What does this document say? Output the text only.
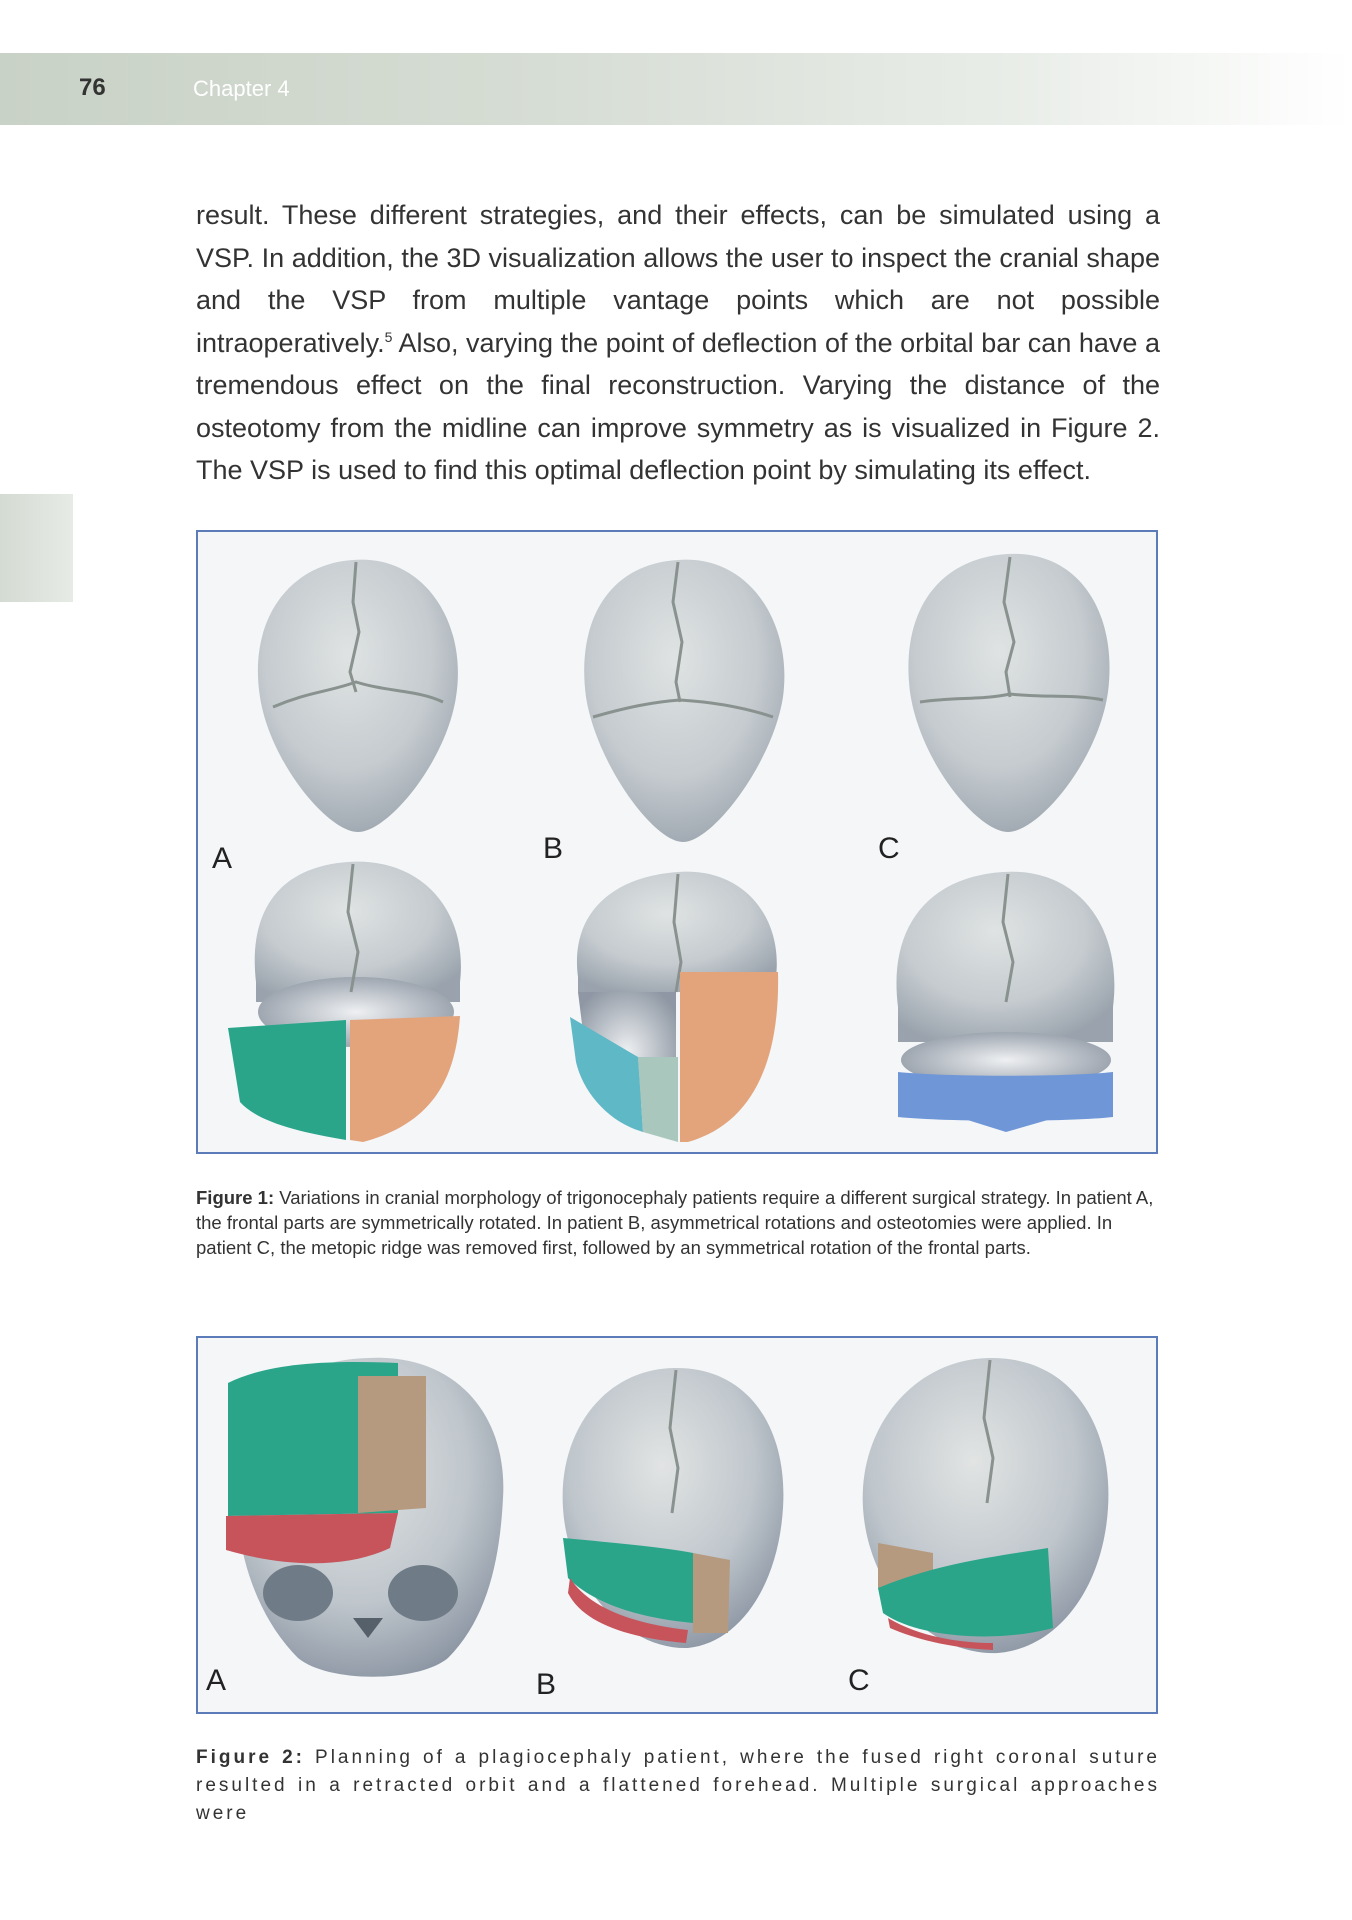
76	Chapter 4

result. These different strategies, and their effects, can be simulated using a VSP. In addition, the 3D visualization allows the user to inspect the cranial shape and the VSP from multiple vantage points which are not possible intraoperatively.$^5$ Also, varying the point of deflection of the orbital bar can have a tremendous effect on the final reconstruction. Varying the distance of the osteotomy from the midline can improve symmetry as is visualized in Figure 2. The VSP is used to find this optimal deflection point by simulating its effect.

A	B	C
Figure 1: Variations in cranial morphology of trigonocephaly patients require a different surgical strategy. In patient A, the frontal parts are symmetrically rotated. In patient B, asymmetrical rotations and osteotomies were applied. In patient C, the metopic ridge was removed first, followed by an symmetrical rotation of the frontal parts.
A	B	C
Figure 2: Planning of a plagiocephaly patient, where the fused right coronal suture resulted in a retracted orbit and a flattened forehead. Multiple surgical approaches were
